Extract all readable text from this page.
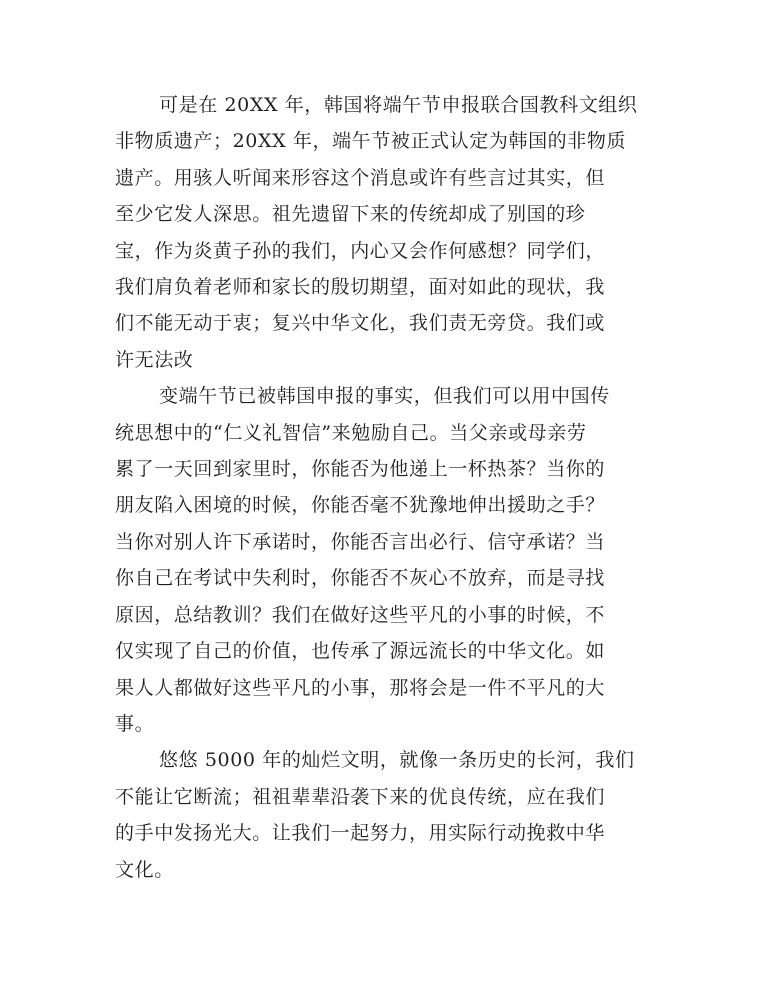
可是在 20XX 年，韩国将端午节申报联合国教科文组织
非物质遗产；20XX 年，端午节被正式认定为韩国的非物质
遗产。用骇人听闻来形容这个消息或许有些言过其实，但
至少它发人深思。祖先遗留下来的传统却成了别国的珍
宝，作为炎黄子孙的我们，内心又会作何感想？同学们，
我们肩负着老师和家长的殷切期望，面对如此的现状，我
们不能无动于衷；复兴中华文化，我们责无旁贷。我们或
许无法改
变端午节已被韩国申报的事实，但我们可以用中国传
统思想中的“仁义礼智信”来勉励自己。当父亲或母亲劳
累了一天回到家里时，你能否为他递上一杯热茶？当你的
朋友陷入困境的时候，你能否毫不犹豫地伸出援助之手？
当你对别人许下承诺时，你能否言出必行、信守承诺？当
你自己在考试中失利时，你能否不灰心不放弃，而是寻找
原因，总结教训？我们在做好这些平凡的小事的时候，不
仅实现了自己的价值，也传承了源远流长的中华文化。如
果人人都做好这些平凡的小事，那将会是一件不平凡的大
事。
悠悠 5000 年的灿烂文明，就像一条历史的长河，我们
不能让它断流；祖祖辈辈沿袭下来的优良传统，应在我们
的手中发扬光大。让我们一起努力，用实际行动挽救中华
文化。
